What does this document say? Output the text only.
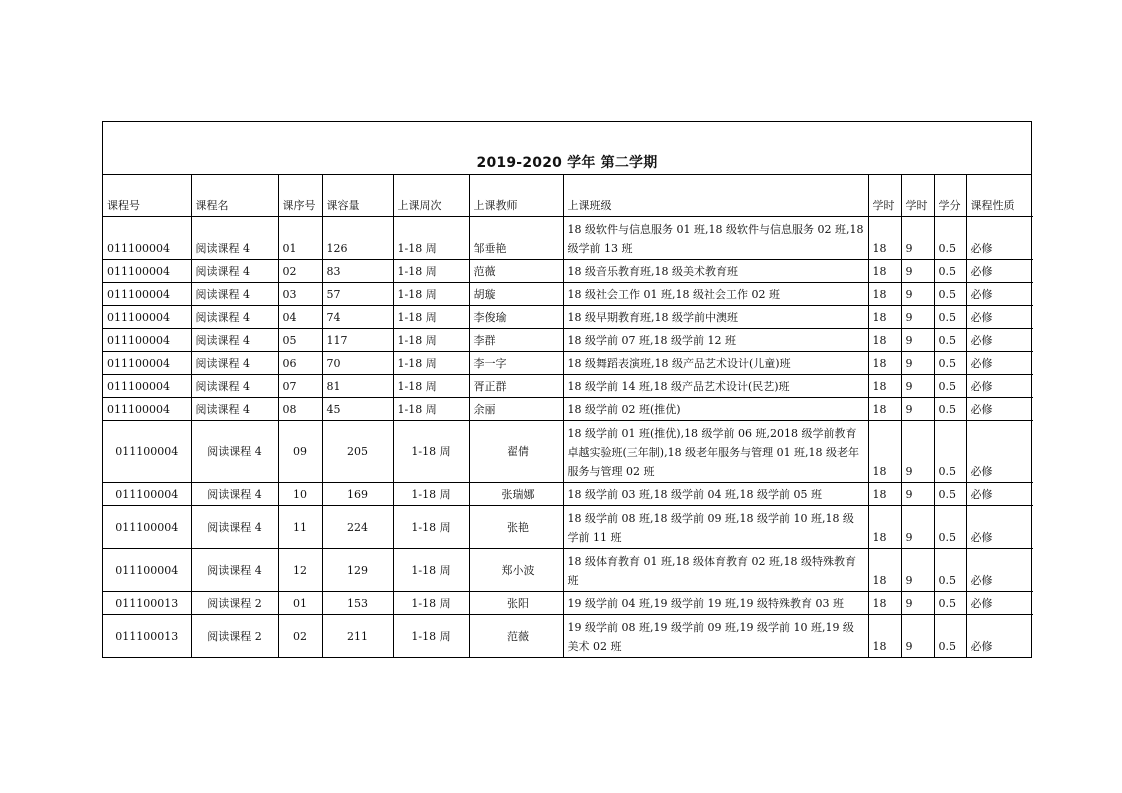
2019-2020 学年 第二学期
课程号	课程名	课序号	课容量	上课周次	上课教师	上课班级	学时	学时	学分	课程性质
011100004	阅读课程 4	01	126	1-18 周	邹垂艳	18 级软件与信息服务 01 班,18 级软件与信息服务 02 班,18 级学前 13 班	18	9	0.5	必修
011100004	阅读课程 4	02	83	1-18 周	范薇	18 级音乐教育班,18 级美术教育班	18	9	0.5	必修
011100004	阅读课程 4	03	57	1-18 周	胡璇	18 级社会工作 01 班,18 级社会工作 02 班	18	9	0.5	必修
011100004	阅读课程 4	04	74	1-18 周	李俊瑜	18 级早期教育班,18 级学前中澳班	18	9	0.5	必修
011100004	阅读课程 4	05	117	1-18 周	李群	18 级学前 07 班,18 级学前 12 班	18	9	0.5	必修
011100004	阅读课程 4	06	70	1-18 周	李一字	18 级舞蹈表演班,18 级产品艺术设计(儿童)班	18	9	0.5	必修
011100004	阅读课程 4	07	81	1-18 周	胥正群	18 级学前 14 班,18 级产品艺术设计(民艺)班	18	9	0.5	必修
011100004	阅读课程 4	08	45	1-18 周	余丽	18 级学前 02 班(推优)	18	9	0.5	必修
011100004	阅读课程 4	09	205	1-18 周	翟倩	18 级学前 01 班(推优),18 级学前 06 班,2018 级学前教育卓越实验班(三年制),18 级老年服务与管理 01 班,18 级老年服务与管理 02 班	18	9	0.5	必修
011100004	阅读课程 4	10	169	1-18 周	张瑞娜	18 级学前 03 班,18 级学前 04 班,18 级学前 05 班	18	9	0.5	必修
011100004	阅读课程 4	11	224	1-18 周	张艳	18 级学前 08 班,18 级学前 09 班,18 级学前 10 班,18 级学前 11 班	18	9	0.5	必修
011100004	阅读课程 4	12	129	1-18 周	郑小波	18 级体育教育 01 班,18 级体育教育 02 班,18 级特殊教育班	18	9	0.5	必修
011100013	阅读课程 2	01	153	1-18 周	张阳	19 级学前 04 班,19 级学前 19 班,19 级特殊教育 03 班	18	9	0.5	必修
011100013	阅读课程 2	02	211	1-18 周	范薇	19 级学前 08 班,19 级学前 09 班,19 级学前 10 班,19 级美术 02 班	18	9	0.5	必修
